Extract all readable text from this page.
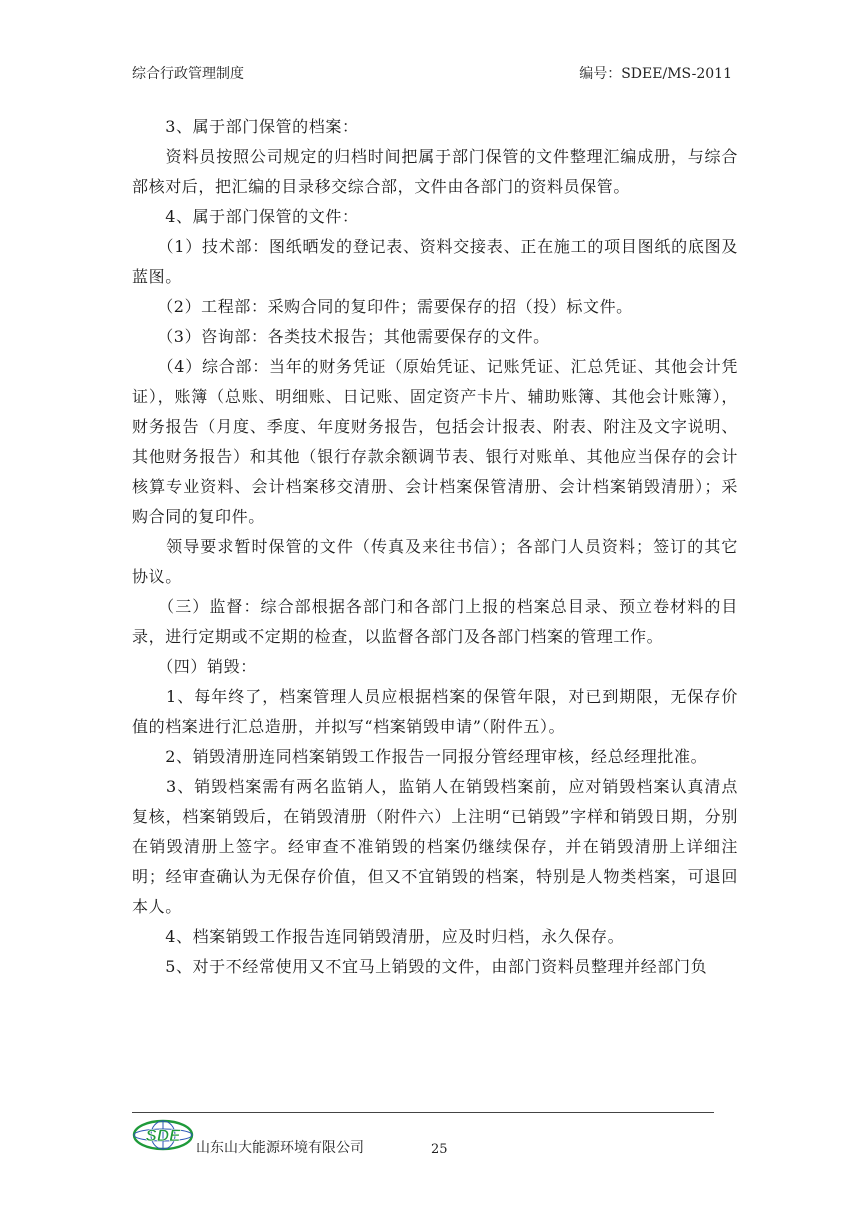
综合行政管理制度	编号：SDEE/MS-2011

　　3、属于部门保管的档案：

　　资料员按照公司规定的归档时间把属于部门保管的文件整理汇编成册，与综合部核对后，把汇编的目录移交综合部，文件由各部门的资料员保管。

　　4、属于部门保管的文件：

　　（1）技术部：图纸晒发的登记表、资料交接表、正在施工的项目图纸的底图及蓝图。

　　（2）工程部：采购合同的复印件；需要保存的招（投）标文件。

　　（3）咨询部：各类技术报告；其他需要保存的文件。

　　（4）综合部：当年的财务凭证（原始凭证、记账凭证、汇总凭证、其他会计凭证），账簿（总账、明细账、日记账、固定资产卡片、辅助账簿、其他会计账簿），财务报告（月度、季度、年度财务报告，包括会计报表、附表、附注及文字说明、其他财务报告）和其他（银行存款余额调节表、银行对账单、其他应当保存的会计核算专业资料、会计档案移交清册、会计档案保管清册、会计档案销毁清册）；采购合同的复印件。

　　领导要求暂时保管的文件（传真及来往书信）；各部门人员资料；签订的其它协议。

　　（三）监督：综合部根据各部门和各部门上报的档案总目录、预立卷材料的目录，进行定期或不定期的检查，以监督各部门及各部门档案的管理工作。

　　（四）销毁：

　　1、每年终了，档案管理人员应根据档案的保管年限，对已到期限，无保存价值的档案进行汇总造册，并拟写“档案销毁申请”（附件五）。

　　2、销毁清册连同档案销毁工作报告一同报分管经理审核，经总经理批准。

　　3、销毁档案需有两名监销人，监销人在销毁档案前，应对销毁档案认真清点复核，档案销毁后，在销毁清册（附件六）上注明“已销毁”字样和销毁日期，分别在销毁清册上签字。经审查不准销毁的档案仍继续保存，并在销毁清册上详细注明；经审查确认为无保存价值，但又不宜销毁的档案，特别是人物类档案，可退回本人。

　　4、档案销毁工作报告连同销毁清册，应及时归档，永久保存。

　　5、对于不经常使用又不宜马上销毁的文件，由部门资料员整理并经部门负

SDE
山东山大能源环境有限公司	25
